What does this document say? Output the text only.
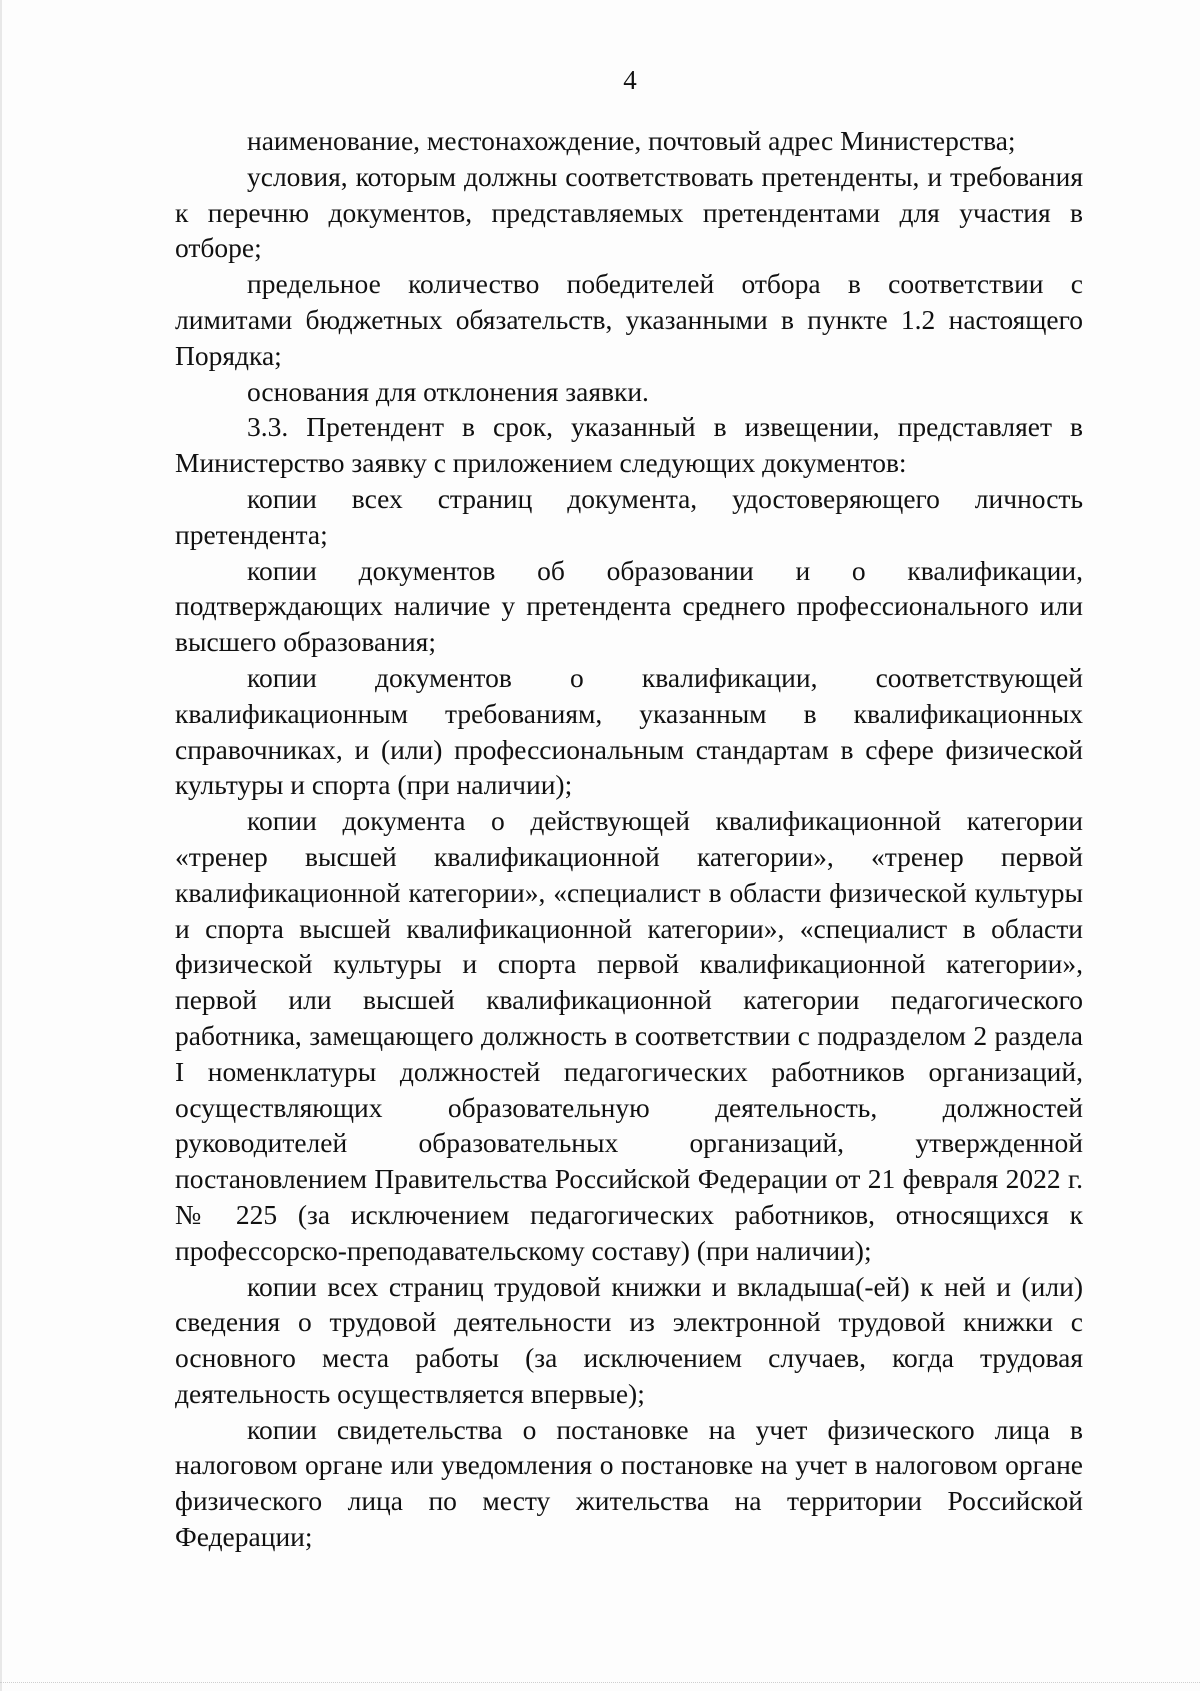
4

наименование, местонахождение, почтовый адрес Министерства;

условия, которым должны соответствовать претенденты, и требования к перечню документов, представляемых претендентами для участия в отборе;

предельное количество победителей отбора в соответствии с лимитами бюджетных обязательств, указанными в пункте 1.2 настоящего Порядка;

основания для отклонения заявки.

3.3. Претендент в срок, указанный в извещении, представляет в Министерство заявку с приложением следующих документов:

копии всех страниц документа, удостоверяющего личность претендента;

копии документов об образовании и о квалификации, подтверждающих наличие у претендента среднего профессионального или высшего образования;

копии документов о квалификации, соответствующей квалификационным требованиям, указанным в квалификационных справочниках, и (или) профессиональным стандартам в сфере физической культуры и спорта (при наличии);

копии документа о действующей квалификационной категории «тренер высшей квалификационной категории», «тренер первой квалификационной категории», «специалист в области физической культуры и спорта высшей квалификационной категории», «специалист в области физической культуры и спорта первой квалификационной категории», первой или высшей квалификационной категории педагогического работника, замещающего должность в соответствии с подразделом 2 раздела I номенклатуры должностей педагогических работников организаций, осуществляющих образовательную деятельность, должностей руководителей образовательных организаций, утвержденной постановлением Правительства Российской Федерации от 21 февраля 2022 г. № 225 (за исключением педагогических работников, относящихся к профессорско-преподавательскому составу) (при наличии);

копии всех страниц трудовой книжки и вкладыша(-ей) к ней и (или) сведения о трудовой деятельности из электронной трудовой книжки с основного места работы (за исключением случаев, когда трудовая деятельность осуществляется впервые);

копии свидетельства о постановке на учет физического лица в налоговом органе или уведомления о постановке на учет в налоговом органе физического лица по месту жительства на территории Российской Федерации;
